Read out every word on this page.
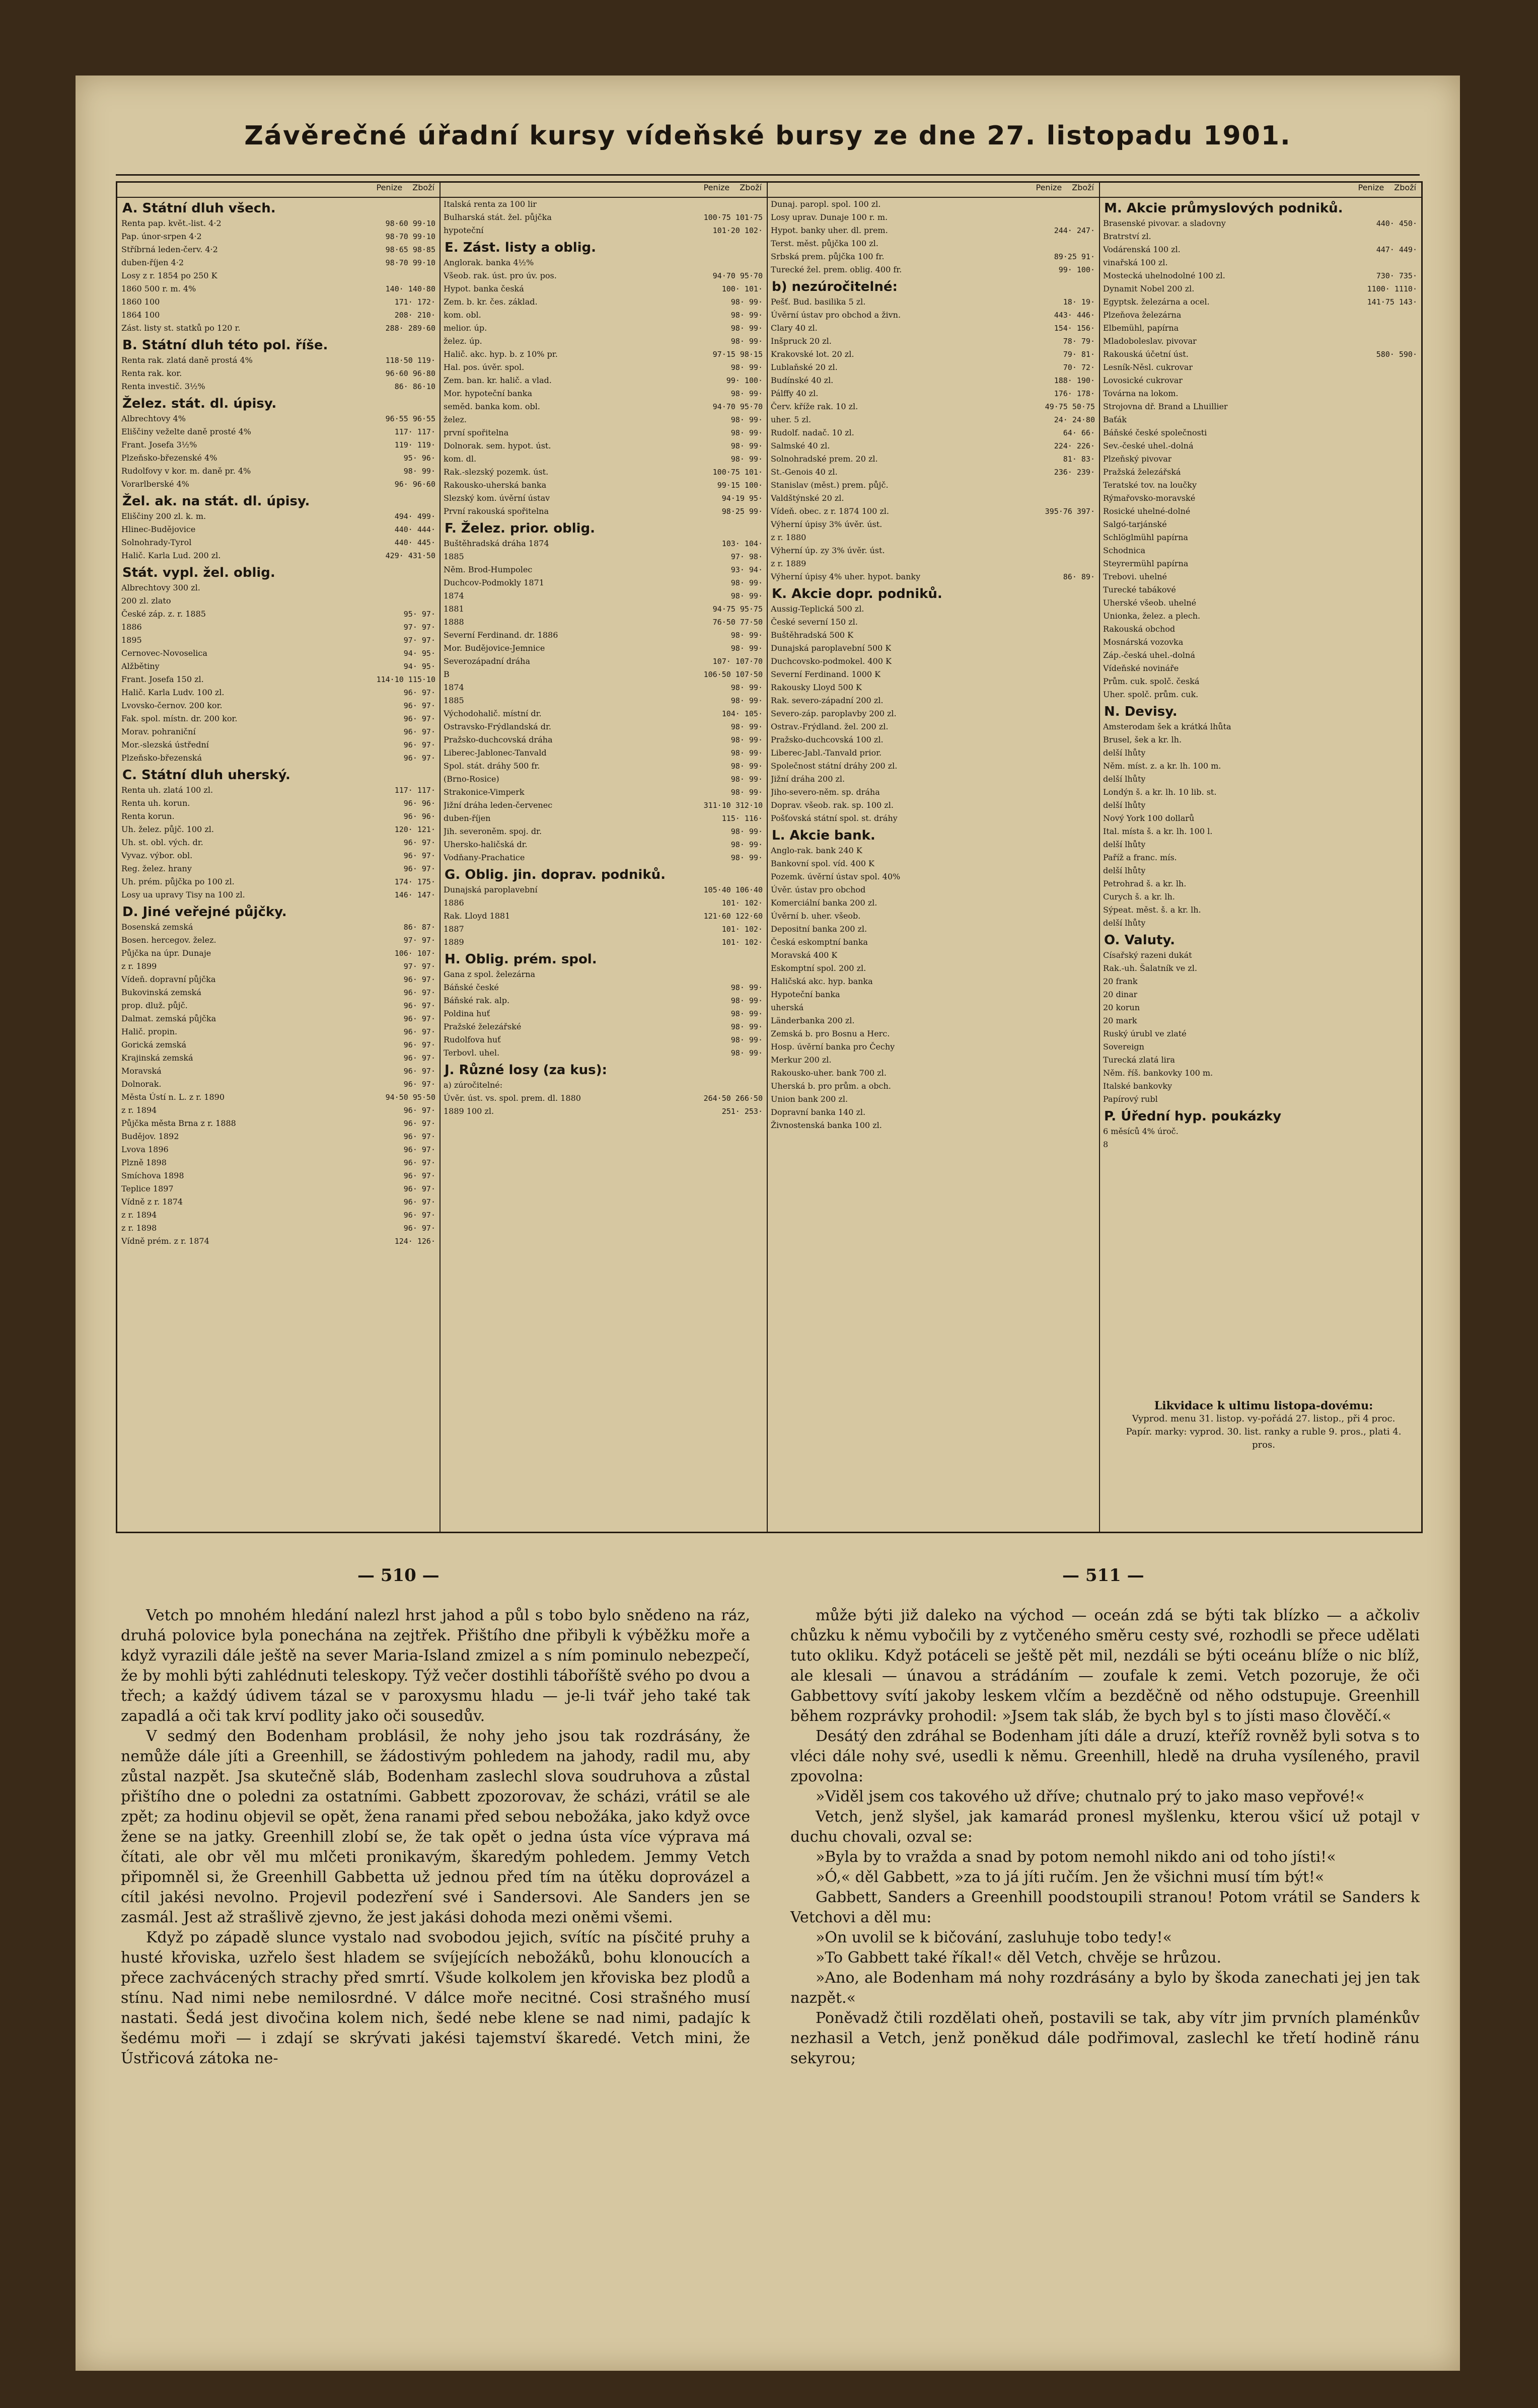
Závěrečné úřadní kursy vídeňské bursy ze dne 27. listopadu 1901.
Penize Zboží
A. Státní dluh všech.
Renta pap. květ.-list. 4·2	98·60 99·10
Pap. únor-srpen 4·2	98·70 99·10
Stříbrná leden-červ. 4·2	98·65 98·85
duben-říjen 4·2	98·70 99·10
Losy z r. 1854 po 250 K
1860 500 r. m. 4%	140· 140·80
1860 100	171· 172·
1864 100	208· 210·
Zást. listy st. statků po 120 r.	288· 289·60
B. Státní dluh této pol. říše.
Renta rak. zlatá daně prostá 4%	118·50 119·
Renta rak. kor.	96·60 96·80
Renta investič. 3½%	86· 86·10
Želez. stát. dl. úpisy.
Albrechtovy 4%	96·55 96·55
Eliščiny veželte daně prosté 4%	117· 117·
Frant. Josefa 3½%	119· 119·
Plzeňsko-březenské 4%	95· 96·
Rudolfovy v kor. m. daně pr. 4%	98· 99·
Vorarlberské 4%	96· 96·60
Žel. ak. na stát. dl. úpisy.
Eliščiny 200 zl. k. m.	494· 499·
Hlinec-Budějovice	440· 444·
Solnohrady-Tyrol	440· 445·
Halič. Karla Lud. 200 zl.	429· 431·50
Stát. vypl. žel. oblig.
Albrechtovy 300 zl.
200 zl. zlato
České záp. z. r. 1885	95· 97·
1886	97· 97·
1895	97· 97·
Cernovec-Novoselica	94· 95·
Alžbětiny	94· 95·
Frant. Josefa 150 zl.	114·10 115·10
Halič. Karla Ludv. 100 zl.	96· 97·
Lvovsko-černov. 200 kor.	96· 97·
Fak. spol. místn. dr. 200 kor.	96· 97·
Morav. pohraniční	96· 97·
Mor.-slezská ústřední	96· 97·
Plzeňsko-březenská	96· 97·
C. Státní dluh uherský.
Renta uh. zlatá 100 zl.	117· 117·
Renta uh. korun.	96· 96·
Renta korun.	96· 96·
Uh. želez. půjč. 100 zl.	120· 121·
Uh. st. obl. vých. dr.	96· 97·
Vyvaz. výbor. obl.	96· 97·
Reg. želez. hrany	96· 97·
Uh. prém. půjčka po 100 zl.	174· 175·
Losy ua upravy Tisy na 100 zl.	146· 147·
D. Jiné veřejné půjčky.
Bosenská zemská	86· 87·
Bosen. hercegov. želez.	97· 97·
Půjčka na úpr. Dunaje	106· 107·
z r. 1899	97· 97·
Vídeň. dopravní půjčka	96· 97·
Bukovinská zemská	96· 97·
prop. dluž. půjč.	96· 97·
Dalmat. zemská půjčka	96· 97·
Halič. propin.	96· 97·
Gorická zemská	96· 97·
Krajinská zemská	96· 97·
Moravská	96· 97·
Dolnorak.	96· 97·
Města Ústí n. L. z r. 1890	94·50 95·50
z r. 1894	96· 97·
Půjčka města Brna z r. 1888	96· 97·
Budějov. 1892	96· 97·
Lvova 1896	96· 97·
Plzně 1898	96· 97·
Smíchova 1898	96· 97·
Teplice 1897	96· 97·
Vídně z r. 1874	96· 97·
z r. 1894	96· 97·
z r. 1898	96· 97·
Vídně prém. z r. 1874	124· 126·
Penize Zboží
Italská renta za 100 lir
Bulharská stát. žel. půjčka	100·75 101·75
hypoteční	101·20 102·
E. Zást. listy a oblig.
Anglorak. banka 4½%
Všeob. rak. úst. pro úv. pos.	94·70 95·70
Hypot. banka česká	100· 101·
Zem. b. kr. čes. základ.	98· 99·
kom. obl.	98· 99·
melior. úp.	98· 99·
želez. úp.	98· 99·
Halič. akc. hyp. b. z 10% pr.	97·15 98·15
Hal. pos. úvěr. spol.	98· 99·
Zem. ban. kr. halič. a vlad.	99· 100·
Mor. hypoteční banka	98· 99·
seměd. banka kom. obl.	94·70 95·70
želez.	98· 99·
první spořitelna	98· 99·
Dolnorak. sem. hypot. úst.	98· 99·
kom. dl.	98· 99·
Rak.-slezský pozemk. úst.	100·75 101·
Rakousko-uherská banka	99·15 100·
Slezský kom. úvěrní ústav	94·19 95·
První rakouská spořitelna	98·25 99·
F. Želez. prior. oblig.
Buštěhradská dráha 1874	103· 104·
1885	97· 98·
Něm. Brod-Humpolec	93· 94·
Duchcov-Podmokly 1871	98· 99·
1874	98· 99·
1881	94·75 95·75
1888	76·50 77·50
Severní Ferdinand. dr. 1886	98· 99·
Mor. Budějovice-Jemnice	98· 99·
Severozápadní dráha	107· 107·70
B	106·50 107·50
1874	98· 99·
1885	98· 99·
Východohalič. místní dr.	104· 105·
Ostravsko-Frýdlandská dr.	98· 99·
Pražsko-duchcovská dráha	98· 99·
Liberec-Jablonec-Tanvald	98· 99·
Spol. stát. dráhy 500 fr.	98· 99·
(Brno-Rosice)	98· 99·
Strakonice-Vimperk	98· 99·
Jižní dráha leden-červenec	311·10 312·10
duben-říjen	115· 116·
Jih. severoněm. spoj. dr.	98· 99·
Uhersko-haličská dr.	98· 99·
Vodňany-Prachatice	98· 99·
G. Oblig. jin. doprav. podniků.
Dunajská paroplavební	105·40 106·40
1886	101· 102·
Rak. Lloyd 1881	121·60 122·60
1887	101· 102·
1889	101· 102·
H. Oblig. prém. spol.
Gana z spol. železárna
Báňské české	98· 99·
Báňské rak. alp.	98· 99·
Poldina huť	98· 99·
Pražské železářské	98· 99·
Rudolfova huť	98· 99·
Terbovl. uhel.	98· 99·
J. Různé losy (za kus):
a) zúročitelné:
Úvěr. úst. vs. spol. prem. dl. 1880	264·50 266·50
1889 100 zl.	251· 253·
Penize Zboží
Dunaj. paropl. spol. 100 zl.
Losy uprav. Dunaje 100 r. m.
Hypot. banky uher. dl. prem.	244· 247·
Terst. měst. půjčka 100 zl.
Srbská prem. půjčka 100 fr.	89·25 91·
Turecké žel. prem. oblig. 400 fr.	99· 100·
b) nezúročitelné:
Pešť. Bud. basilika 5 zl.	18· 19·
Úvěrní ústav pro obchod a živn.	443· 446·
Clary 40 zl.	154· 156·
Inšpruck 20 zl.	78· 79·
Krakovské lot. 20 zl.	79· 81·
Lublaňské 20 zl.	70· 72·
Budínské 40 zl.	188· 190·
Pálffy 40 zl.	176· 178·
Červ. kříže rak. 10 zl.	49·75 50·75
uher. 5 zl.	24· 24·80
Rudolf. nadač. 10 zl.	64· 66·
Salmské 40 zl.	224· 226·
Solnohradské prem. 20 zl.	81· 83·
St.-Genois 40 zl.	236· 239·
Stanislav (měst.) prem. půjč.
Valdštýnské 20 zl.
Vídeň. obec. z r. 1874 100 zl.	395·76 397·
Výherní úpisy 3% úvěr. úst.
z r. 1880
Výherní úp. zy 3% úvěr. úst.
z r. 1889
Výherní úpisy 4% uher. hypot. banky	86· 89·
K. Akcie dopr. podniků.
Aussig-Teplická 500 zl.
České severní 150 zl.
Buštěhradská 500 K
Dunajská paroplavební 500 K
Duchcovsko-podmokel. 400 K
Severní Ferdinand. 1000 K
Rakousky Lloyd 500 K
Rak. severo-západní 200 zl.
Severo-záp. paroplavby 200 zl.
Ostrav.-Frýdland. žel. 200 zl.
Pražsko-duchcovská 100 zl.
Liberec-Jabl.-Tanvald prior.
Společnost státní dráhy 200 zl.
Jižní dráha 200 zl.
Jiho-severo-něm. sp. dráha
Doprav. všeob. rak. sp. 100 zl.
Pošťovská státní spol. st. dráhy
L. Akcie bank.
Anglo-rak. bank 240 K
Bankovní spol. víd. 400 K
Pozemk. úvěrní ústav spol. 40%
Úvěr. ústav pro obchod
Komerciální banka 200 zl.
Úvěrní b. uher. všeob.
Depositní banka 200 zl.
Česká eskomptní banka
Moravská 400 K
Eskomptní spol. 200 zl.
Haličská akc. hyp. banka
Hypoteční banka
uherská
Länderbanka 200 zl.
Zemská b. pro Bosnu a Herc.
Hosp. úvěrní banka pro Čechy
Merkur 200 zl.
Rakousko-uher. bank 700 zl.
Uherská b. pro prům. a obch.
Union bank 200 zl.
Dopravní banka 140 zl.
Živnostenská banka 100 zl.
Penize Zboží
M. Akcie průmyslových podniků.
Brasenské pivovar. a sladovny	440· 450·
Bratrství zl.
Vodárenská 100 zl.	447· 449·
vinařská 100 zl.
Mostecká uhelnodolné 100 zl.	730· 735·
Dynamit Nobel 200 zl.	1100· 1110·
Egyptsk. železárna a ocel.	141·75 143·
Plzeňova železárna
Elbemühl, papírna
Mladoboleslav. pivovar
Rakouská účetní úst.	580· 590·
Lesník-Něsl. cukrovar
Lovosické cukrovar
Továrna na lokom.
Strojovna dř. Brand a Lhuillier
Baťák
Báňské české společnosti
Sev.-české uhel.-dolná
Plzeňský pivovar
Pražská železářská
Teratské tov. na loučky
Rýmařovsko-moravské
Rosické uhelné-dolné
Salgó-tarjánské
Schlöglmühl papírna
Schodnica
Steyrermühl papírna
Trebovi. uhelné
Turecké tabákové
Uherské všeob. uhelné
Unionka, želez. a plech.
Rakouská obchod
Mosnárská vozovka
Záp.-česká uhel.-dolná
Vídeňské novináře
Prům. cuk. spolč. česká
Uher. spolč. prům. cuk.
N. Devisy.
Amsterodam šek a krátká lhůta
Brusel, šek a kr. lh.
delší lhůty
Něm. míst. z. a kr. lh. 100 m.
delší lhůty
Londýn š. a kr. lh. 10 lib. st.
delší lhůty
Nový York 100 dollarů
Ital. místa š. a kr. lh. 100 l.
delší lhůty
Paříž a franc. mís.
delší lhůty
Petrohrad š. a kr. lh.
Curych š. a kr. lh.
Sýpeat. měst. š. a kr. lh.
delší lhůty
O. Valuty.
Císařský razeni dukát
Rak.-uh. Šalatník ve zl.
20 frank
20 dinar
20 korun
20 mark
Ruský úrubl ve zlaté
Sovereign
Turecká zlatá lira
Něm. říš. bankovky 100 m.
Italské bankovky
Papírový rubl
P. Úřední hyp. poukázky
6 měsíců 4% úroč.
8
Likvidace k ultimu listopa-dovému:
Vyprod. menu 31. listop. vy-pořádá 27. listop., při 4 proc. Papír. marky: vyprod. 30. list. ranky a ruble 9. pros., plati 4. pros.
— 510 —	— 511 —

Vetch po mnohém hledání nalezl hrst jahod a půl s tobo bylo snědeno na ráz, druhá polovice byla ponechána na zejtřek. Přištího dne přibyli k výběžku moře a když vyrazili dále ještě na sever Maria-Island zmizel a s ním pominulo nebezpečí, že by mohli býti zahlédnuti teleskopy. Týž večer dostihli táboříště svého po dvou a třech; a každý údivem tázal se v paroxysmu hladu — je-li tvář jeho také tak zapadlá a oči tak krví podlity jako oči sousedův.

V sedmý den Bodenham problásil, že nohy jeho jsou tak rozdrásány, že nemůže dále jíti a Greenhill, se žádostivým pohledem na jahody, radil mu, aby zůstal nazpět. Jsa skutečně sláb, Bodenham zaslechl slova soudruhova a zůstal přištího dne o poledni za ostatními. Gabbett zpozorovav, že scházi, vrátil se ale zpět; za hodinu objevil se opět, žena ranami před sebou nebožáka, jako když ovce žene se na jatky. Greenhill zlobí se, že tak opět o jedna ústa více výprava má čítati, ale obr věl mu mlčeti pronikavým, škaredým pohledem. Jemmy Vetch připomněl si, že Greenhill Gabbetta už jednou před tím na útěku doprovázel a cítil jakési nevolno. Projevil podezření své i Sandersovi. Ale Sanders jen se zasmál. Jest až strašlivě zjevno, že jest jakási dohoda mezi oněmi všemi.

Když po západě slunce vystalo nad svobodou jejich, svítíc na písčité pruhy a husté křoviska, uzřelo šest hladem se svíjejících nebožáků, bohu klonoucích a přece zachvácených strachy před smrtí. Všude kolkolem jen křoviska bez plodů a stínu. Nad nimi nebe nemilosrdné. V dálce moře necitné. Cosi strašného musí nastati. Šedá jest divočina kolem nich, šedé nebe klene se nad nimi, padajíc k šedému moři — i zdají se skrývati jakési tajemství škaredé. Vetch mini, že Ústřicová zátoka ne-

může býti již daleko na východ — oceán zdá se býti tak blízko — a ačkoliv chůzku k němu vybočili by z vytčeného směru cesty své, rozhodli se přece udělati tuto okliku. Když potáceli se ještě pět mil, nezdáli se býti oceánu blíže o nic blíž, ale klesali — únavou a strádáním — zoufale k zemi. Vetch pozoruje, že oči Gabbettovy svítí jakoby leskem vlčím a bezděčně od něho odstupuje. Greenhill během rozprávky prohodil: »Jsem tak sláb, že bych byl s to jísti maso člověčí.«

Desátý den zdráhal se Bodenham jíti dále a druzí, kteříž rovněž byli sotva s to vléci dále nohy své, usedli k němu. Greenhill, hledě na druha vysíleného, pravil zpovolna:

»Viděl jsem cos takového už dříve; chutnalo prý to jako maso vepřové!«

Vetch, jenž slyšel, jak kamarád pronesl myšlenku, kterou všicí už potajl v duchu chovali, ozval se:

»Byla by to vražda a snad by potom nemohl nikdo ani od toho jísti!«

»Ó,« děl Gabbett, »za to já jíti ručím. Jen že všichni musí tím být!«

Gabbett, Sanders a Greenhill poodstoupili stranou! Potom vrátil se Sanders k Vetchovi a děl mu:

»On uvolil se k bičování, zasluhuje tobo tedy!«

»To Gabbett také říkal!« děl Vetch, chvěje se hrůzou.

»Ano, ale Bodenham má nohy rozdrásány a bylo by škoda zanechati jej jen tak nazpět.«

Poněvadž čtili rozdělati oheň, postavili se tak, aby vítr jim prvních plaménkův nezhasil a Vetch, jenž poněkud dále podřimoval, zaslechl ke třetí hodině ránu sekyrou;
